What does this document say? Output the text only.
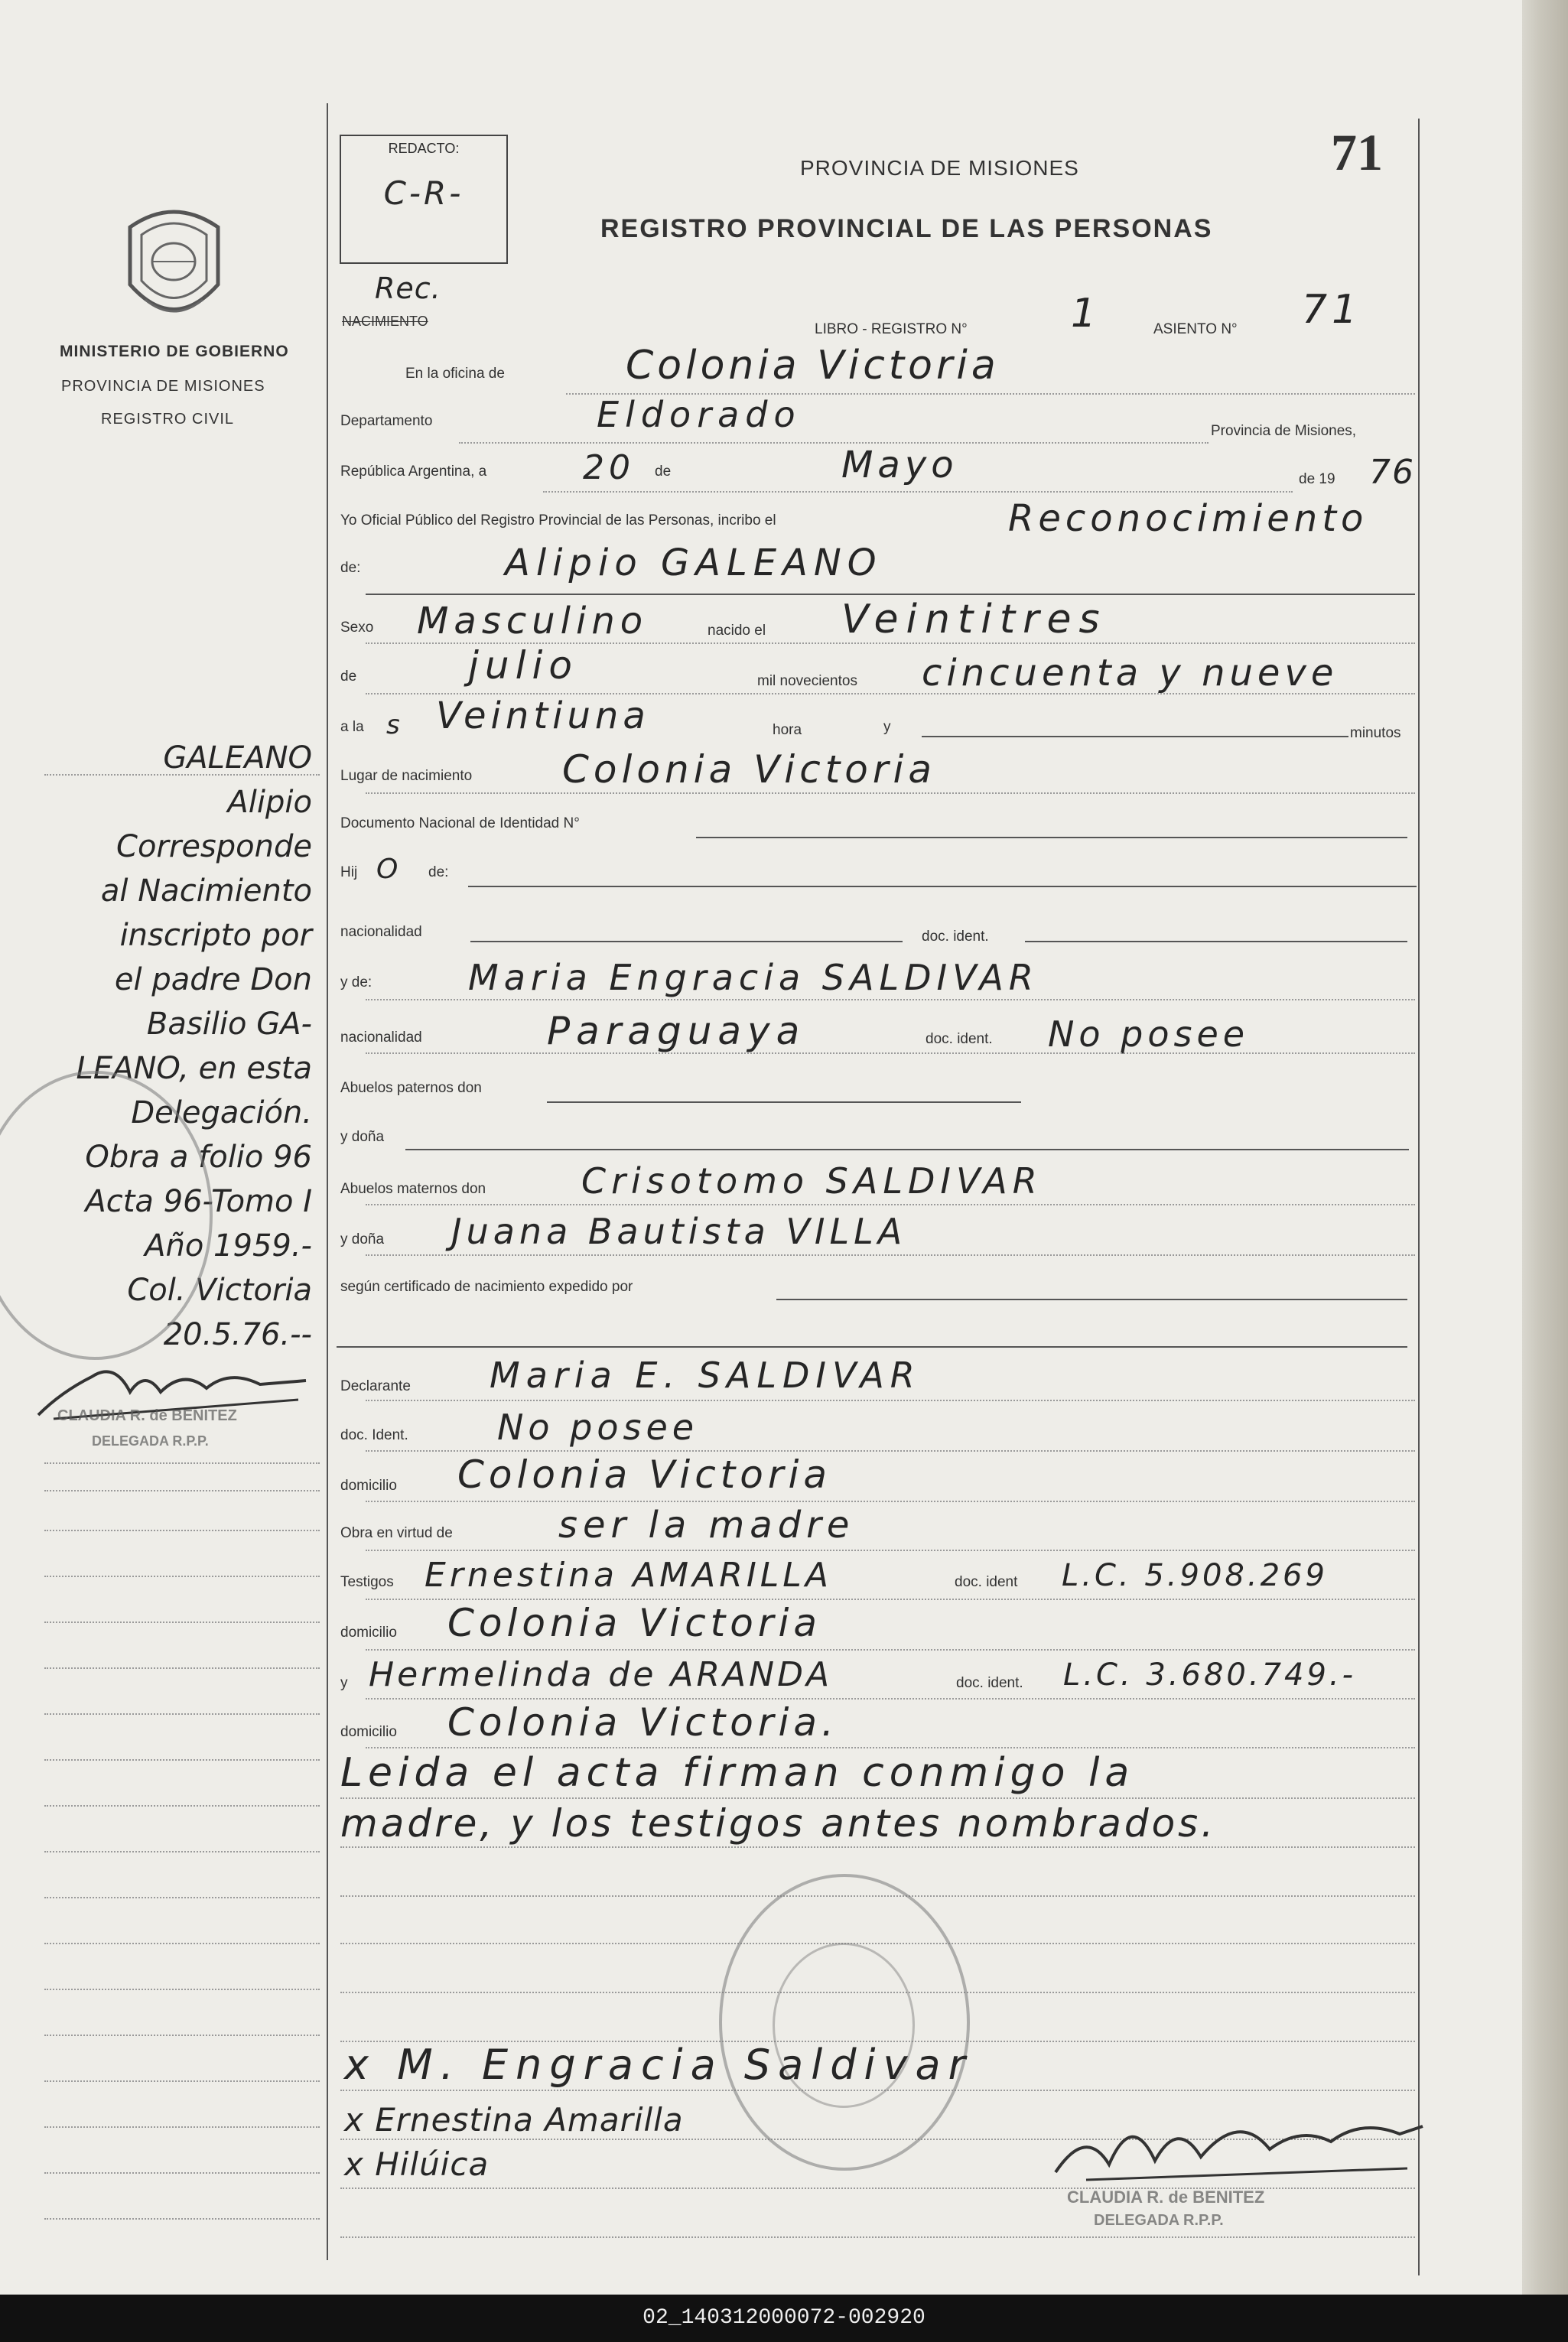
MINISTERIO DE GOBIERNO
PROVINCIA DE MISIONES
REGISTRO CIVIL
REDACTO:
C-R-
PROVINCIA DE MISIONES
REGISTRO PROVINCIAL DE LAS PERSONAS
71
Rec.
NACIMIENTO	LIBRO - REGISTRO N°	1	ASIENTO N° 71
En la oficina de	Colonia Victoria
Departamento	Eldorado	Provincia de Misiones,
República Argentina, a	20 de	Mayo	de 19 76
Yo Oficial Público del Registro Provincial de las Personas, incribo el	Reconocimiento
de:	Alipio GALEANO
Sexo Masculino	nacido el Veintitres
de	julio	mil novecientos cincuenta y nueve
a la s Veintiuna	hora	y	minutos
Lugar de nacimiento Colonia Victoria
Documento Nacional de Identidad N°
Hij O de:
nacionalidad	doc. ident.
y de:	Maria Engracia SALDIVAR
nacionalidad	Paraguaya	doc. ident. No posee
Abuelos paternos don
y doña
Abuelos maternos don	Crisotomo SALDIVAR
y doña Juana Bautista VILLA
según certificado de nacimiento expedido por
Declarante Maria E. SALDIVAR
doc. Ident.	No posee
domicilio Colonia Victoria
Obra en virtud de	ser la madre
Testigos Ernestina AMARILLA	doc. ident L.C. 5.908.269
domicilio Colonia Victoria
y Hermelinda de ARANDA	doc. ident. L.C. 3.680.749.-
domicilio Colonia Victoria.
Leida el acta firman conmigo la
madre, y los testigos antes nombrados.
x M. Engracia Saldivar
x Ernestina Amarilla
x Hilúica
CLAUDIA R. de BENITEZ
DELEGADA R.P.P.
GALEANO
Alipio
Corresponde
al Nacimiento
inscripto por
el padre Don
Basilio GA-
LEANO, en esta
Delegación.
Obra a folio 96
Acta 96-Tomo I
Año 1959.-
Col. Victoria
20.5.76.--
CLAUDIA R. de BENITEZ
DELEGADA R.P.P.
02_140312000072-002920
